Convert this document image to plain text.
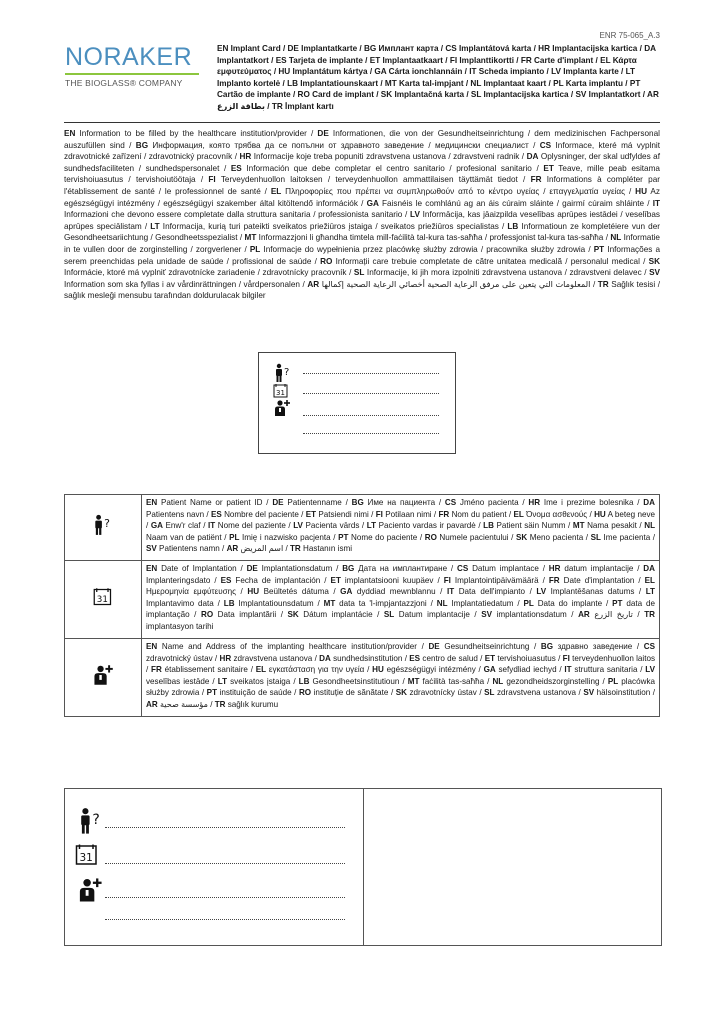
ENR 75-065_A.3
NORAKER
THE BIOGLASS® COMPANY
EN Implant Card / DE Implantatkarte / BG Имплант карта / CS Implantátová karta / HR Implantacijska kartica / DA Implantatkort / ES Tarjeta de implante / ET Implantaatkaart / FI Implanttikortti / FR Carte d'implant / EL Κάρτα εμφυτεύματος / HU Implantátum kártya / GA Cárta ionchlannáin / IT Scheda impianto / LV Implanta karte / LT Implanto kortelė / LB Implantatiounskaart / MT Karta tal-impjant / NL Implantaat kaart / PL Karta implantu / PT Cartão de implante / RO Card de implant / SK Implantačná karta / SL Implantacijska kartica / SV Implantatkort / AR بطاقة الزرع / TR İmplant kartı
EN Information to be filled by the healthcare institution/provider / DE Informationen, die von der Gesundheitseinrichtung / dem medizinischen Fachpersonal auszufüllen sind / BG Информация, която трябва да се попълни от здравното заведение / медицински специалист / CS Informace, které má vyplnit zdravotnické zařízení / zdravotnický pracovník / HR Informacije koje treba popuniti zdravstvena ustanova / zdravstveni radnik / DA Oplysninger, der skal udfyldes af sundhedsfaciliteten / sundhedspersonalet / ES Información que debe completar el centro sanitario / profesional sanitario / ET Teave, mille peab esitama tervishoiuasutus / tervishoiutöötaja / FI Terveydenhuollon laitoksen / terveydenhuollon ammattilaisen täyttämät tiedot / FR Informations à compléter par l'établissement de santé / le professionnel de santé / EL Πληροφορίες που πρέπει να συμπληρωθούν από το κέντρο υγείας / επαγγελματία υγείας / HU Az egészségügyi intézmény / egészségügyi szakember által kitöltendő információk / GA Faisnéis le comhlánú ag an áis cúraim sláinte / gairmí cúraim shláinte / IT Informazioni che devono essere completate dalla struttura sanitaria / professionista sanitario / LV Informācija, kas jāaizpilda veselības aprūpes iestādei / veselības aprūpes speciālistam / LT Informacija, kurią turi pateikti sveikatos priežiūros įstaiga / sveikatos priežiūros specialistas / LB Informatioun ze kompletéiere vun der Gesondheetsariichtung / Gesondheetsspezialist / MT Informazzjoni li għandha timtela mill-faċilità tal-kura tas-saħħa / professjonist tal-kura tas-saħħa / NL Informatie in te vullen door de zorginstelling / zorgverlener / PL Informacje do wypełnienia przez placówkę służby zdrowia / pracownika służby zdrowia / PT Informações a serem preenchidas pela unidade de saúde / profissional de saúde / RO Informații care trebuie completate de către unitatea medicală / personalul medical / SK Informácie, ktoré má vyplniť zdravotnícke zariadenie / zdravotnícky pracovník / SL Informacije, ki jih mora izpolniti zdravstvena ustanova / zdravstveni delavec / SV Information som ska fyllas i av vårdinrättningen / vårdpersonalen / AR المعلومات التي يتعين على مرفق الرعاية الصحية أخصائي الرعاية الصحية إكمالها / TR Sağlık tesisi / sağlık mesleği mensubu tarafından doldurulacak bilgiler
?
31
?	EN Patient Name or patient ID / DE Patientenname / BG Име на пациента / CS Jméno pacienta / HR Ime i prezime bolesnika / DA Patientens navn / ES Nombre del paciente / ET Patsiendi nimi / FI Potilaan nimi / FR Nom du patient / EL Όνομα ασθενούς / HU A beteg neve / GA Enw'r claf / IT Nome del paziente / LV Pacienta vārds / LT Paciento vardas ir pavardė / LB Patient säin Numm / MT Nama pesakit / NL Naam van de patiënt / PL Imię i nazwisko pacjenta / PT Nome do paciente / RO Numele pacientului / SK Meno pacienta / SL Ime pacienta / SV Patientens namn / AR اسم المريض / TR Hastanın ismi

31	EN Date of Implantation / DE Implantationsdatum / BG Дата на имплантиране / CS Datum implantace / HR datum implantacije / DA Implanteringsdato / ES Fecha de implantación / ET implantatsiooni kuupäev / FI Implantointipäivämäärä / FR Date d'implantation / EL Ημερομηνία εμφύτευσης / HU Beültetés dátuma / GA dyddiad mewnblannu / IT Data dell'impianto / LV Implantēšanas datums / LT Implantavimo data / LB Implantatiounsdatum / MT data ta 'l-impjantazzjoni / NL Implantatiedatum / PL Data do implante / PT data de implantação / RO Data implantării / SK Dátum implantácie / SL Datum implantacije / SV implantationsdatum / AR تاريخ الزرع / TR implantasyon tarihi
	EN Name and Address of the implanting healthcare institution/provider / DE Gesundheitseinrichtung / BG здравно заведение / CS zdravotnický ústav / HR zdravstvena ustanova / DA sundhedsinstitution / ES centro de salud / ET tervishoiuasutus / FI terveydenhuollon laitos / FR établissement sanitaire / EL εγκατάσταση για την υγεία / HU egészségügyi intézmény / GA sefydliad iechyd / IT struttura sanitaria / LV veselības iestāde / LT sveikatos įstaiga / LB Gesondheetsinstitutioun / MT faċilità tas-saħħa / NL gezondheidszorginstelling / PL placówka służby zdrowia / PT instituição de saúde / RO instituție de sănătate / SK zdravotnícky ústav / SL zdravstvena ustanova / SV hälsoinstitution / AR مؤسسة صحية / TR sağlık kurumu
?
31
